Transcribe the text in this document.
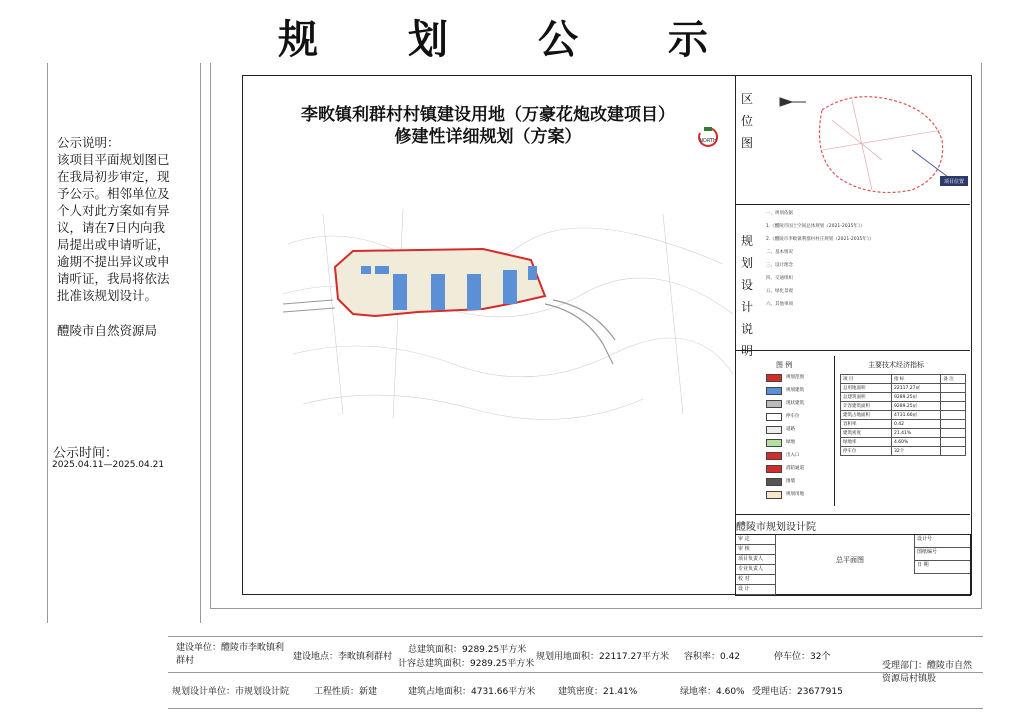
规 划 公 示

公示说明：

该项目平面规划图已在我局初步审定，现予公示。相邻单位及个人对此方案如有异议，请在7日内向我局提出或申请听证，逾期不提出异议或申请听证，我局将依法批准该规划设计。

醴陵市自然资源局

公示时间：
2025.04.11—2025.04.21
李畋镇利群村村镇建设用地（万豪花炮改建项目）
修建性详细规划（方案）	NORTH
区位图
项目位置
规划设计说明
一、规划依据
1.《醴陵市国土空间总体规划（2021-2035年）》
2.《醴陵市李畋镇利群村村庄规划（2021-2035年）》
二、基本情况
三、设计理念
四、交通组织
五、绿化景观
六、其他事项
图 例	主要技术经济指标
规划范围
规划建筑
现状建筑
停车位
道路
绿地
出入口
消防通道
围墙
规划用地
项 目	指 标	备 注
总用地面积	22117.27㎡	
总建筑面积	9289.25㎡	
计容建筑面积	9289.25㎡	
建筑占地面积	4731.66㎡	
容积率	0.42	
建筑密度	21.41%	
绿地率	4.60%	
停车位	32个	
醴陵市规划设计院
审 定
审 核
项目负责人
专业负责人
校 对
设 计
总平面图
设计号
图纸编号
日 期
建设单位：醴陵市李畋镇利群村	建设地点：李畋镇利群村
总建筑面积：9289.25平方米
计容总建筑面积：9289.25平方米
规划用地面积：22117.27平方米 容积率：0.42	停车位：32个
受理部门：醴陵市自然资源局村镇股
规划设计单位：市规划设计院	工程性质：新建	建筑占地面积：4731.66平方米	建筑密度：21.41%	绿地率：4.60% 受理电话：23677915
